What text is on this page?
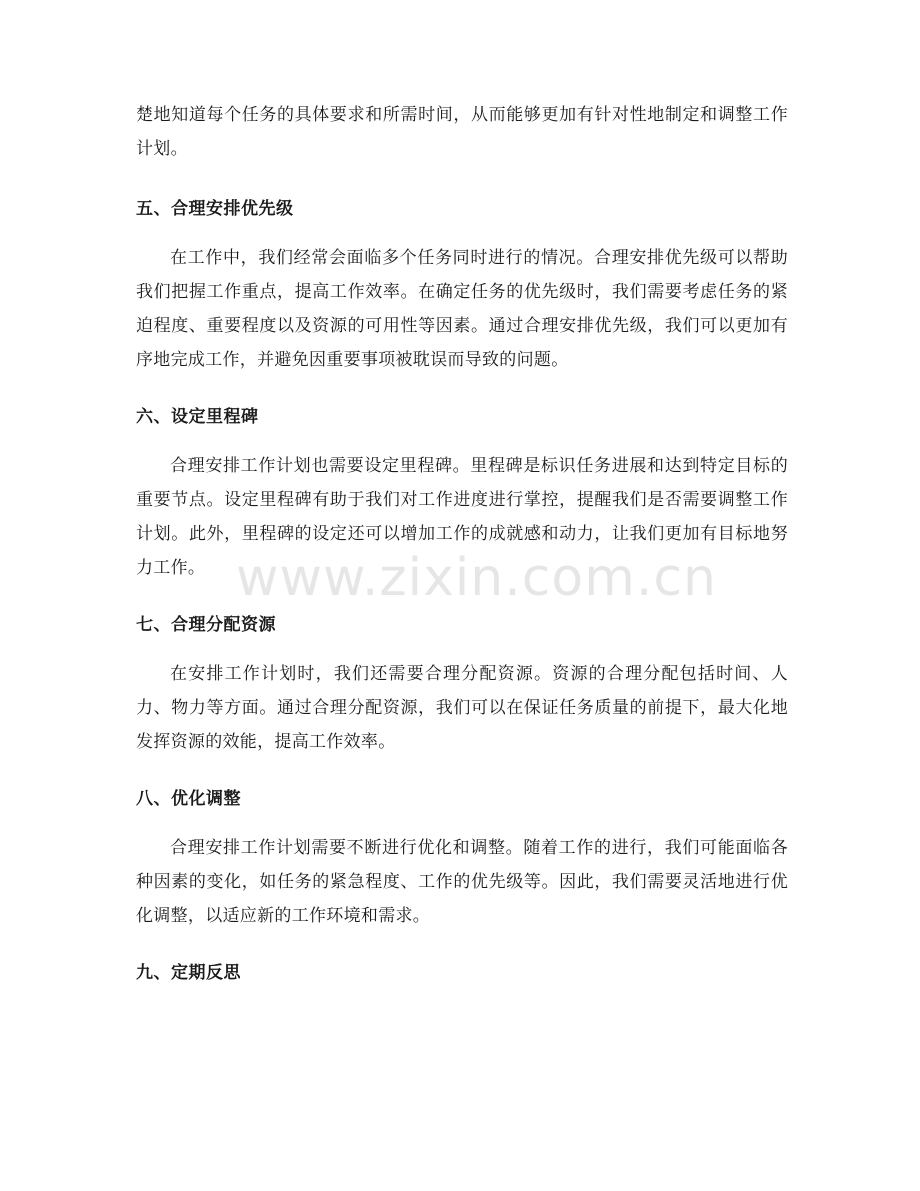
楚地知道每个任务的具体要求和所需时间，从而能够更加有针对性地制定和调整工作计划。

五、合理安排优先级

在工作中，我们经常会面临多个任务同时进行的情况。合理安排优先级可以帮助我们把握工作重点，提高工作效率。在确定任务的优先级时，我们需要考虑任务的紧迫程度、重要程度以及资源的可用性等因素。通过合理安排优先级，我们可以更加有序地完成工作，并避免因重要事项被耽误而导致的问题。

六、设定里程碑

合理安排工作计划也需要设定里程碑。里程碑是标识任务进展和达到特定目标的重要节点。设定里程碑有助于我们对工作进度进行掌控，提醒我们是否需要调整工作计划。此外，里程碑的设定还可以增加工作的成就感和动力，让我们更加有目标地努力工作。

七、合理分配资源

在安排工作计划时，我们还需要合理分配资源。资源的合理分配包括时间、人力、物力等方面。通过合理分配资源，我们可以在保证任务质量的前提下，最大化地发挥资源的效能，提高工作效率。

八、优化调整

合理安排工作计划需要不断进行优化和调整。随着工作的进行，我们可能面临各种因素的变化，如任务的紧急程度、工作的优先级等。因此，我们需要灵活地进行优化调整，以适应新的工作环境和需求。

九、定期反思
www.zixin.com.cn
